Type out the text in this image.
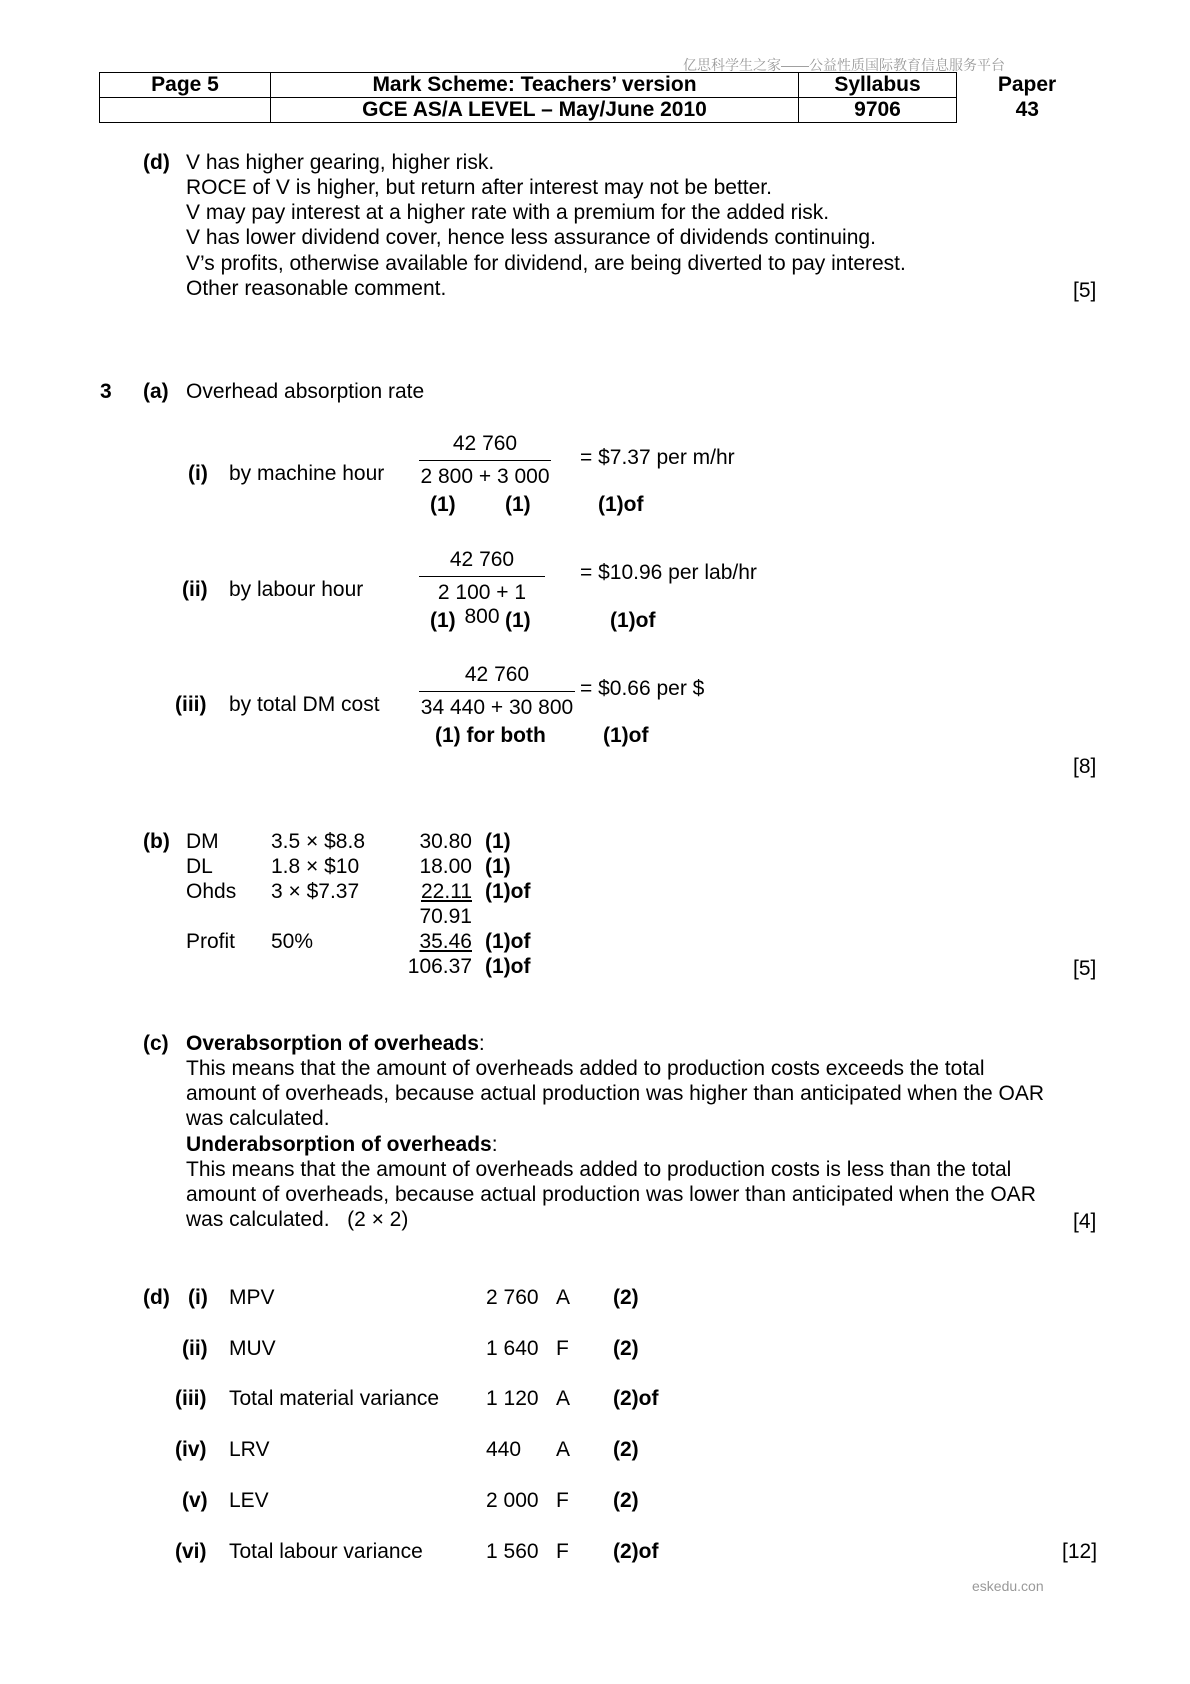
亿思科学生之家——公益性质国际教育信息服务平台
eskedu.con
Page 5	Mark Scheme: Teachers’ version	Syllabus	Paper
	GCE AS/A LEVEL – May/June 2010	9706	43
(d) V has higher gearing, higher risk.
ROCE of V is higher, but return after interest may not be better.
V may pay interest at a higher rate with a premium for the added risk.
V has lower dividend cover, hence less assurance of dividends continuing.
V’s profits, otherwise available for dividend, are being diverted to pay interest.
Other reasonable comment.	[5]
3 (a) Overhead absorption rate
(i) by machine hour $\frac{42 760}{2 800 + 3 000}$ = $7.37 per m/hr
(1) (1)	(1)of
(ii) by labour hour	$\frac{42 760}{2 100 + 1 800}$ = $10.96 per lab/hr
(1) (1)	(1)of
(iii) by total DM cost $\frac{42 760}{34 440 + 30 800}$ = $0.66 per $
(1) for both	(1)of
[8]
(b) DM 3.5 × $8.8	30.80 (1)
DL	1.8 × $10	18.00 (1)
Ohds 3 × $7.37	22.11 (1)of
70.91
Profit 50%	35.46 (1)of
106.37 (1)of	[5]
(c) Overabsorption of overheads:
This means that the amount of overheads added to production costs exceeds the total
amount of overheads, because actual production was higher than anticipated when the OAR
was calculated.
Underabsorption of overheads:
This means that the amount of overheads added to production costs is less than the total
amount of overheads, because actual production was lower than anticipated when the OAR
was calculated.   (2 × 2)	[4]
(d) (i) MPV	2 760 A (2)
(ii) MUV	1 640 F (2)
(iii) Total material variance 1 120 A (2)of
(iv) LRV	440 A (2)
(v) LEV	2 000 F (2)
(vi) Total labour variance	1 560 F (2)of	[12]
